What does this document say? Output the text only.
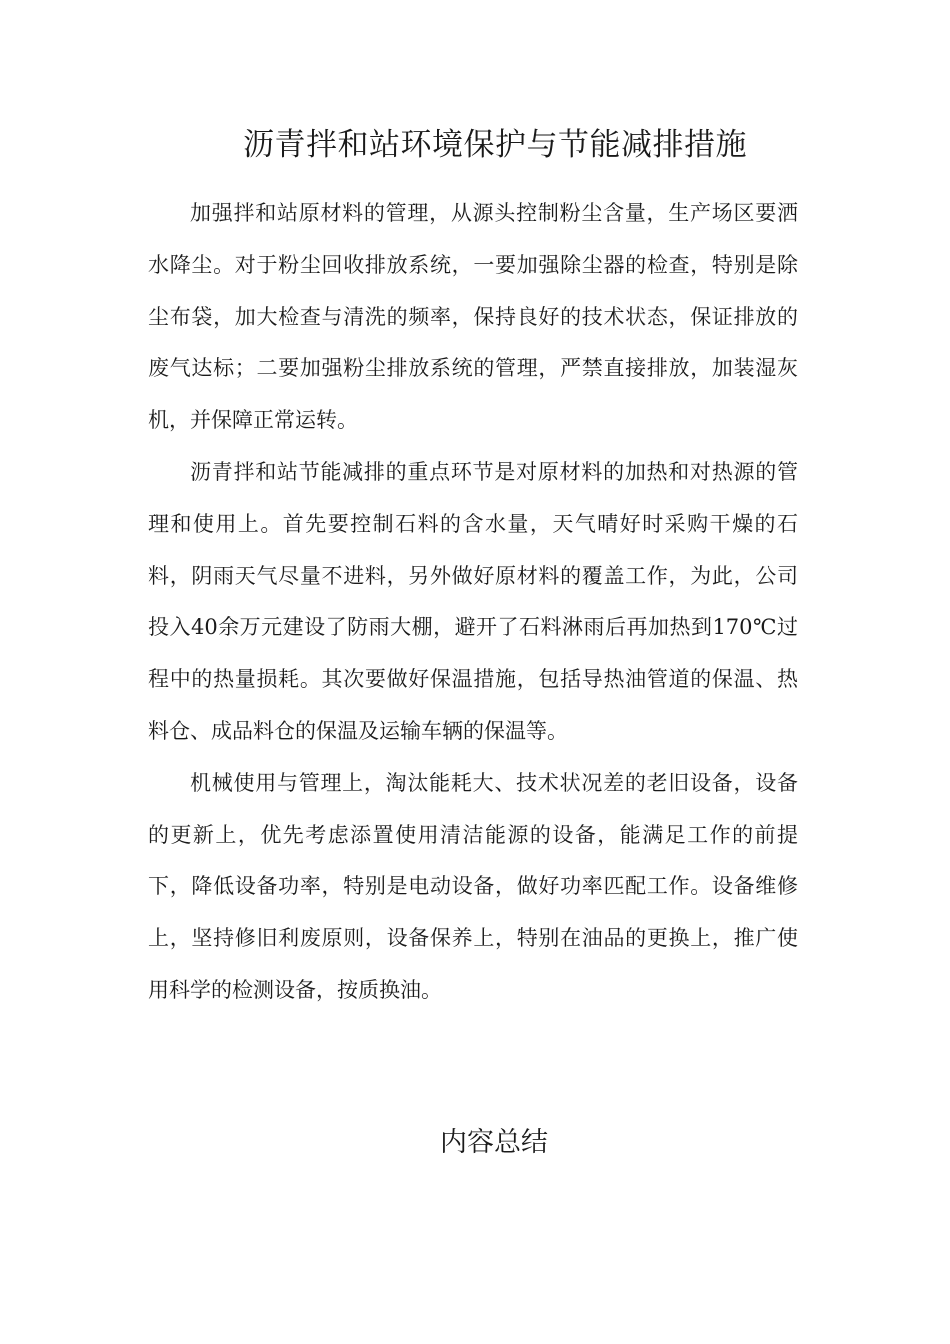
沥青拌和站环境保护与节能减排措施

加强拌和站原材料的管理，从源头控制粉尘含量，生产场区要洒水降尘。对于粉尘回收排放系统，一要加强除尘器的检查，特别是除尘布袋，加大检查与清洗的频率，保持良好的技术状态，保证排放的废气达标；二要加强粉尘排放系统的管理，严禁直接排放，加装湿灰机，并保障正常运转。

沥青拌和站节能减排的重点环节是对原材料的加热和对热源的管理和使用上。首先要控制石料的含水量，天气晴好时采购干燥的石料，阴雨天气尽量不进料，另外做好原材料的覆盖工作，为此，公司投入40余万元建设了防雨大棚，避开了石料淋雨后再加热到170℃过程中的热量损耗。其次要做好保温措施，包括导热油管道的保温、热料仓、成品料仓的保温及运输车辆的保温等。

机械使用与管理上，淘汰能耗大、技术状况差的老旧设备，设备的更新上，优先考虑添置使用清洁能源的设备，能满足工作的前提下，降低设备功率，特别是电动设备，做好功率匹配工作。设备维修上，坚持修旧利废原则，设备保养上，特别在油品的更换上，推广使用科学的检测设备，按质换油。

内容总结
